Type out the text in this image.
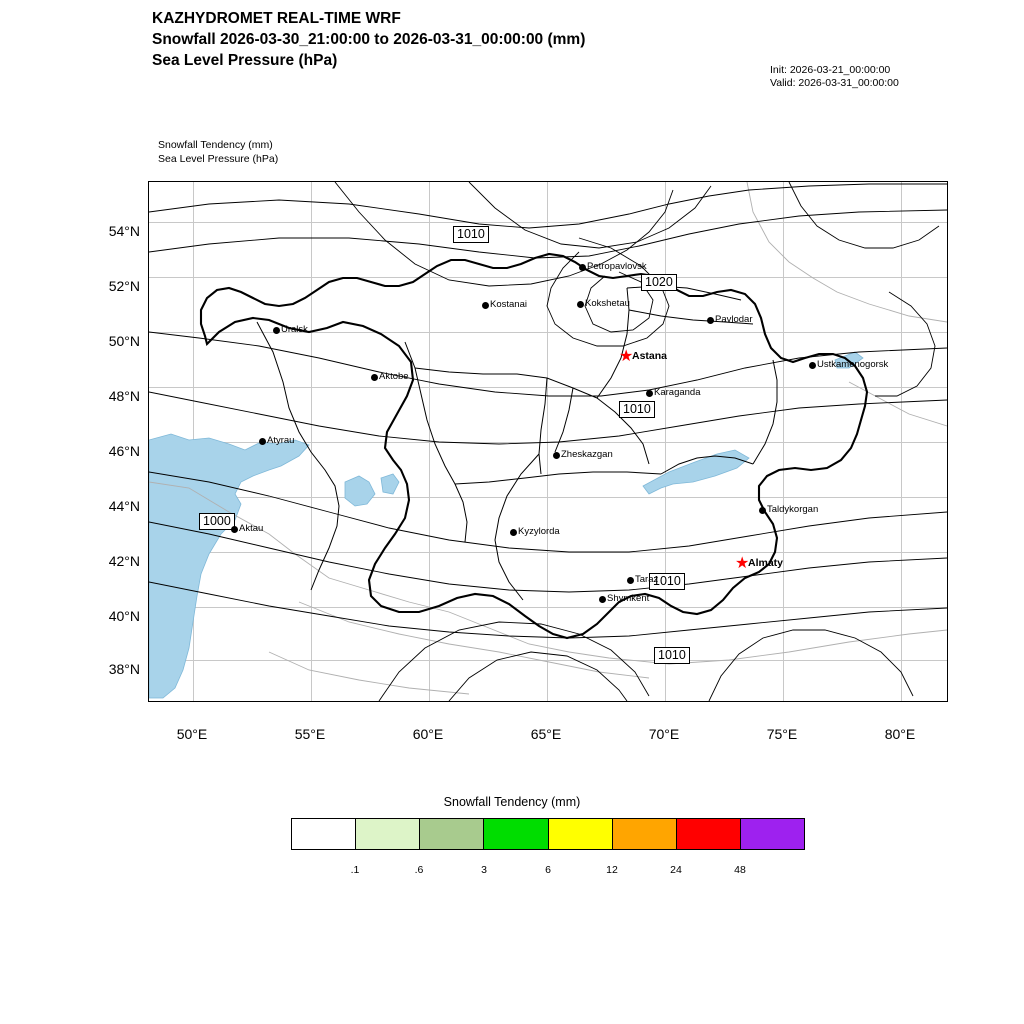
KAZHYDROMET REAL-TIME WRF
Snowfall 2026-03-30_21:00:00 to 2026-03-31_00:00:00 (mm)
Sea Level Pressure (hPa)
Init: 2026-03-21_00:00:00
Valid: 2026-03-31_00:00:00
Snowfall Tendency (mm)
Sea Level Pressure (hPa)
1010
1020
1010
1000
1010
1010
Petropavlovsk
Kostanai	Kokshetau
Pavlodar
Uralsk
★
Astana
Ustkamenogorsk
Aktobe
Karaganda
Atyrau
Zheskazgan
Taldykorgan
Aktau	Kyzylorda
★
Almaty
Taraz
Shymkent
54°N
52°N
50°N
48°N
46°N
44°N
42°N
40°N
38°N
50°E	55°E	60°E	65°E	70°E	75°E	80°E
Snowfall Tendency (mm)
.1	.6	3	6	12	24	48
